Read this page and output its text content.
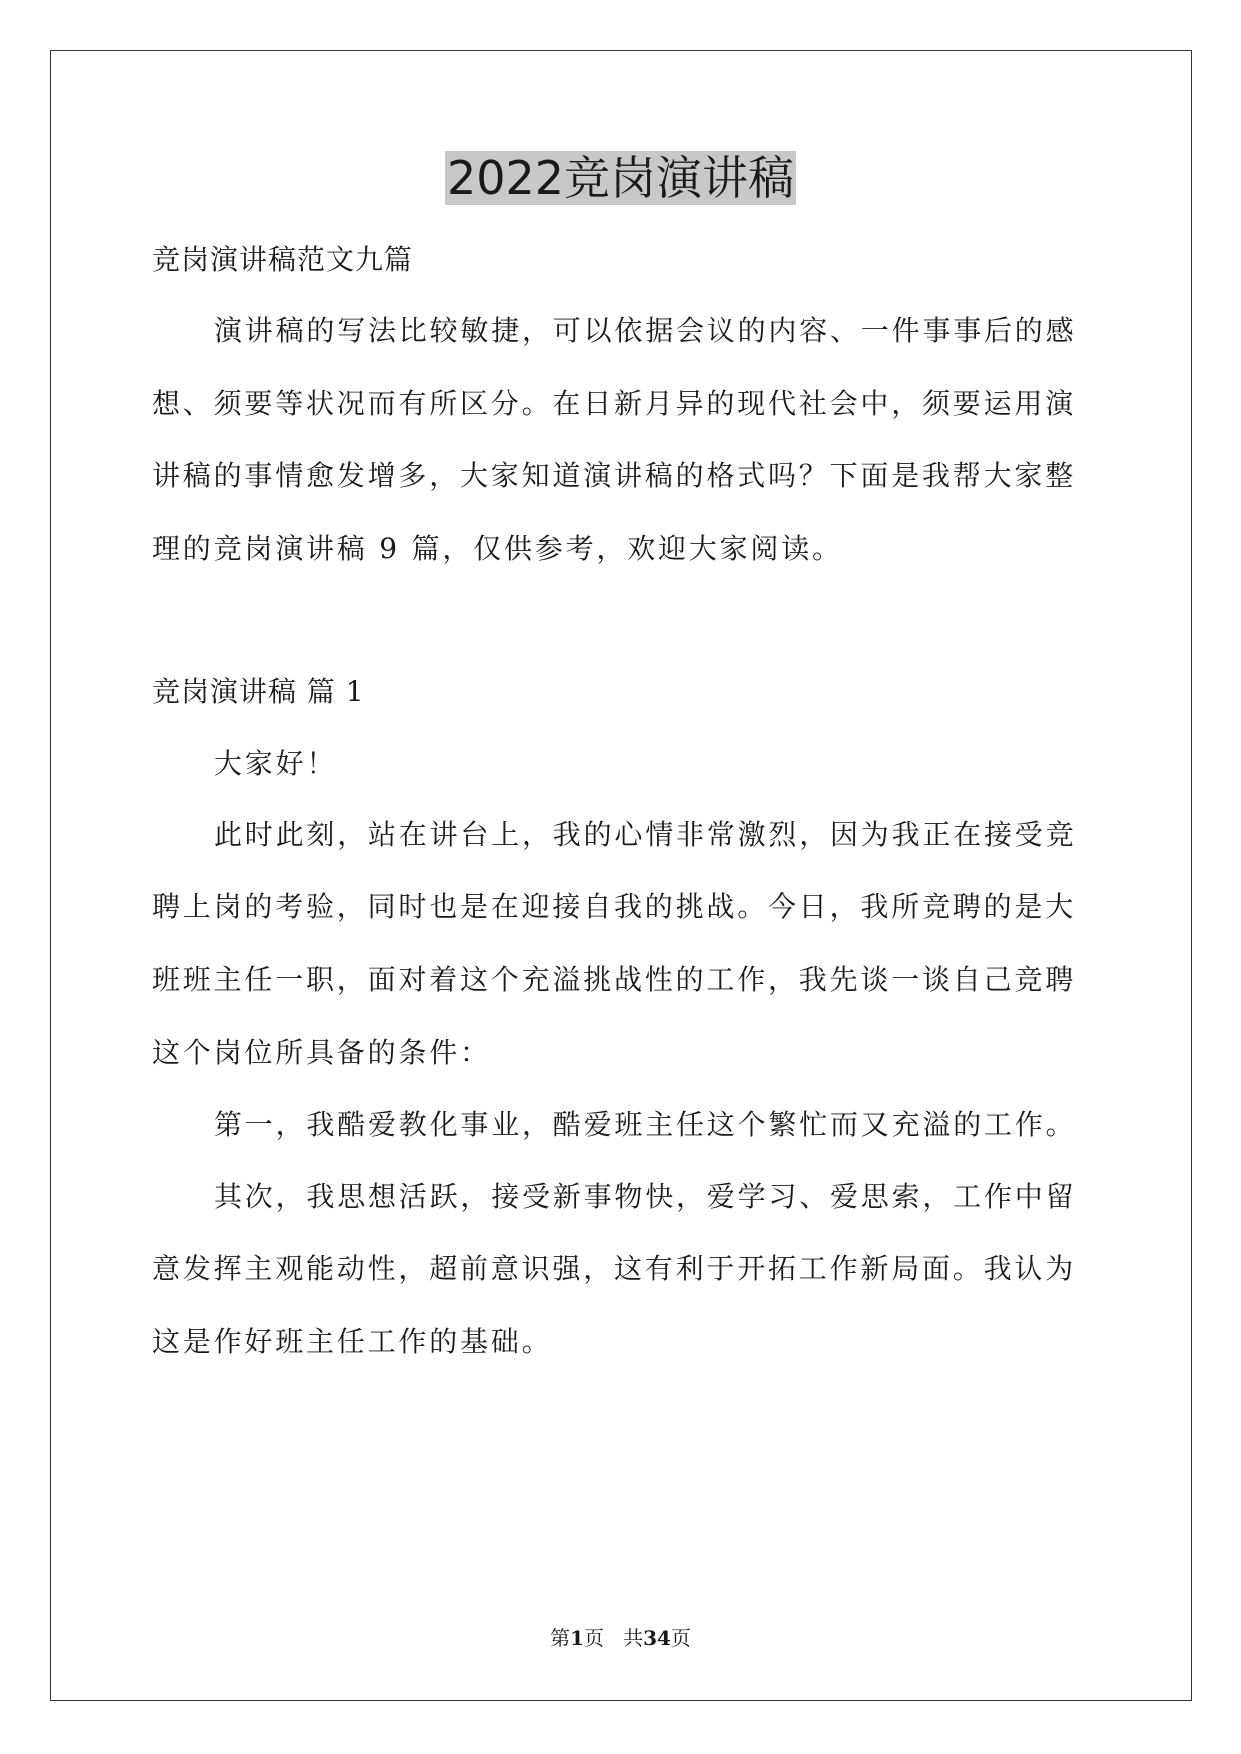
2022竞岗演讲稿
竞岗演讲稿范文九篇
演讲稿的写法比较敏捷，可以依据会议的内容、一件事事后的感
想、须要等状况而有所区分。在日新月异的现代社会中，须要运用演
讲稿的事情愈发增多，大家知道演讲稿的格式吗？下面是我帮大家整
理的竞岗演讲稿 9 篇，仅供参考，欢迎大家阅读。
竞岗演讲稿 篇 1
大家好！
此时此刻，站在讲台上，我的心情非常激烈，因为我正在接受竞
聘上岗的考验，同时也是在迎接自我的挑战。今日，我所竞聘的是大
班班主任一职，面对着这个充溢挑战性的工作，我先谈一谈自己竞聘
这个岗位所具备的条件：
第一，我酷爱教化事业，酷爱班主任这个繁忙而又充溢的工作。
其次，我思想活跃，接受新事物快，爱学习、爱思索，工作中留
意发挥主观能动性，超前意识强，这有利于开拓工作新局面。我认为
这是作好班主任工作的基础。
第1页   共34页
